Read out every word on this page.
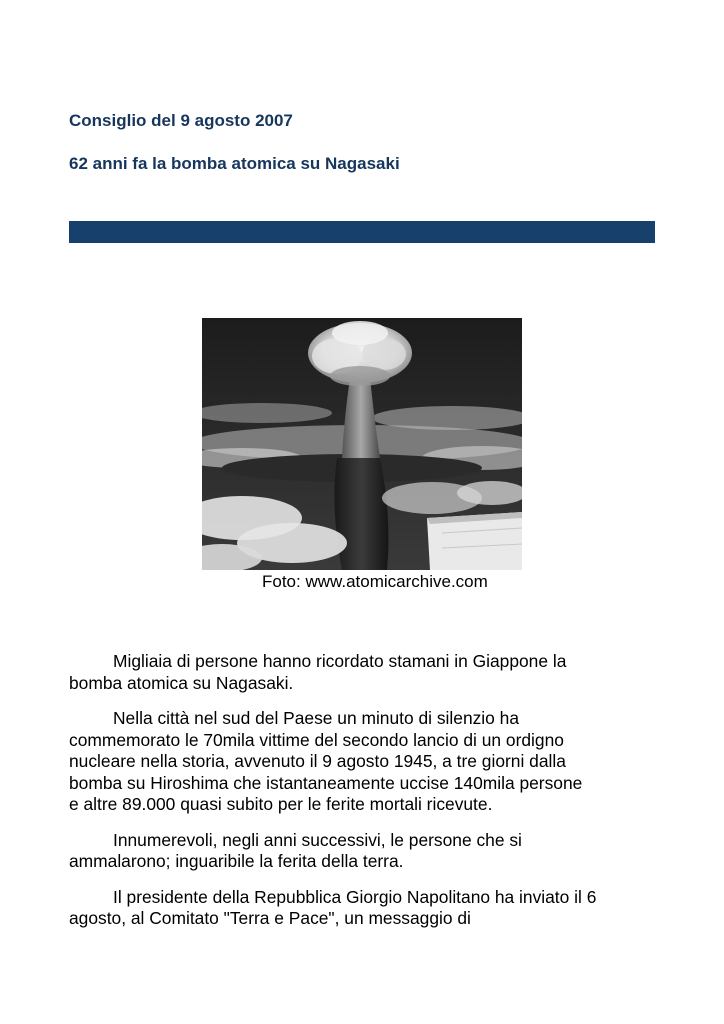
Consiglio del 9 agosto 2007
62 anni fa la bomba atomica su Nagasaki
Foto: www.atomicarchive.com

Migliaia di persone hanno ricordato stamani in Giappone la
bomba atomica su Nagasaki.

Nella città nel sud del Paese un minuto di silenzio ha
commemorato le 70mila vittime del secondo lancio di un ordigno
nucleare nella storia, avvenuto il 9 agosto 1945, a tre giorni dalla
bomba su Hiroshima che istantaneamente uccise 140mila persone
e altre 89.000 quasi subito per le ferite mortali ricevute.

Innumerevoli, negli anni successivi, le persone che si
ammalarono; inguaribile la ferita della terra.

Il presidente della Repubblica Giorgio Napolitano ha inviato il 6
agosto, al Comitato "Terra e Pace", un messaggio di
